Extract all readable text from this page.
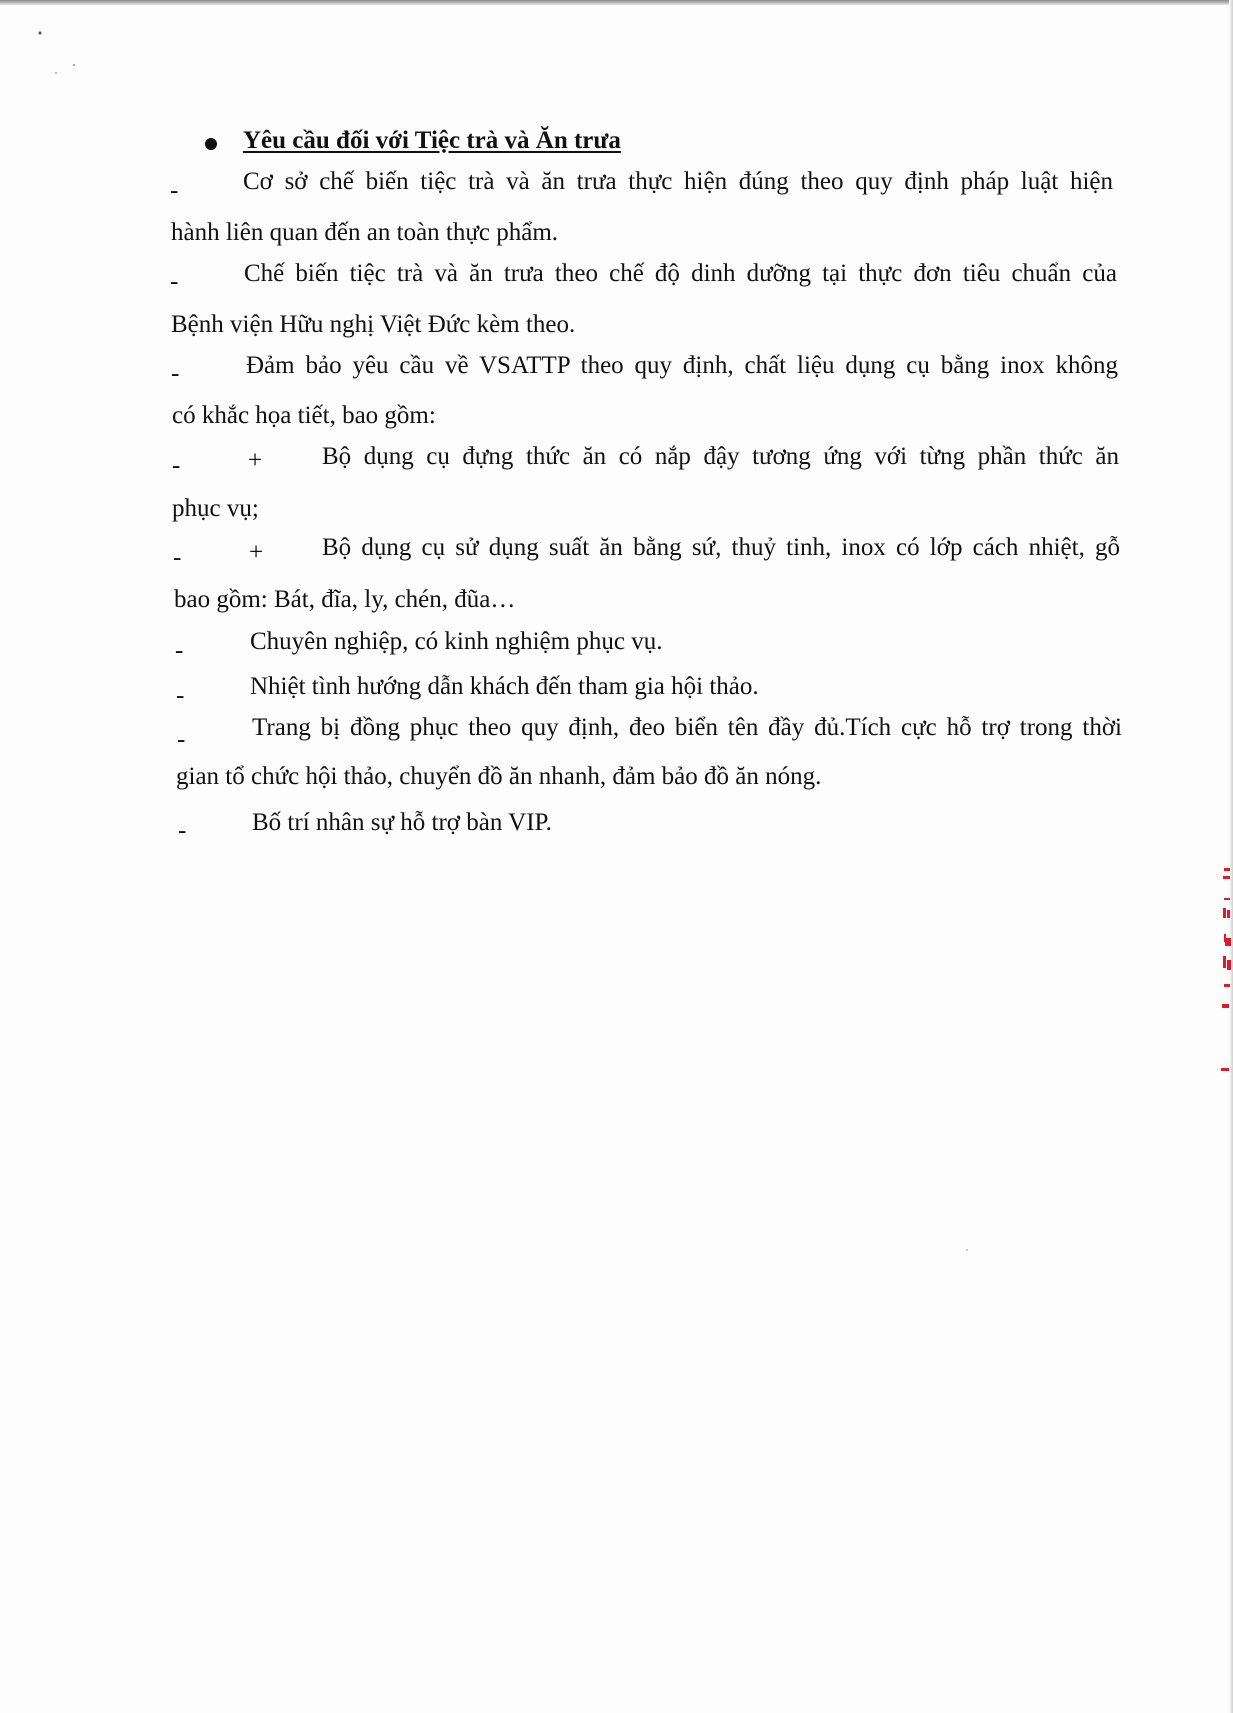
Yêu cầu đối với Tiệc trà và Ăn trưa
-	Cơ sở chế biến tiệc trà và ăn trưa thực hiện đúng theo quy định pháp luật hiện
hành liên quan đến an toàn thực phẩm.
-	Chế biến tiệc trà và ăn trưa theo chế độ dinh dưỡng tại thực đơn tiêu chuẩn của
Bệnh viện Hữu nghị Việt Đức kèm theo.
-	Đảm bảo yêu cầu về VSATTP theo quy định, chất liệu dụng cụ bằng inox không
có khắc họa tiết, bao gồm:
-	+ Bộ dụng cụ đựng thức ăn có nắp đậy tương ứng với từng phần thức ăn
phục vụ;
-	+ Bộ dụng cụ sử dụng suất ăn bằng sứ, thuỷ tinh, inox có lớp cách nhiệt, gỗ
bao gồm: Bát, đĩa, ly, chén, đũa…
-	Chuyên nghiệp, có kinh nghiệm phục vụ.
-	Nhiệt tình hướng dẫn khách đến tham gia hội thảo.
-	Trang bị đồng phục theo quy định, đeo biển tên đầy đủ.Tích cực hỗ trợ trong thời
gian tổ chức hội thảo, chuyển đồ ăn nhanh, đảm bảo đồ ăn nóng.
-	Bố trí nhân sự hỗ trợ bàn VIP.
